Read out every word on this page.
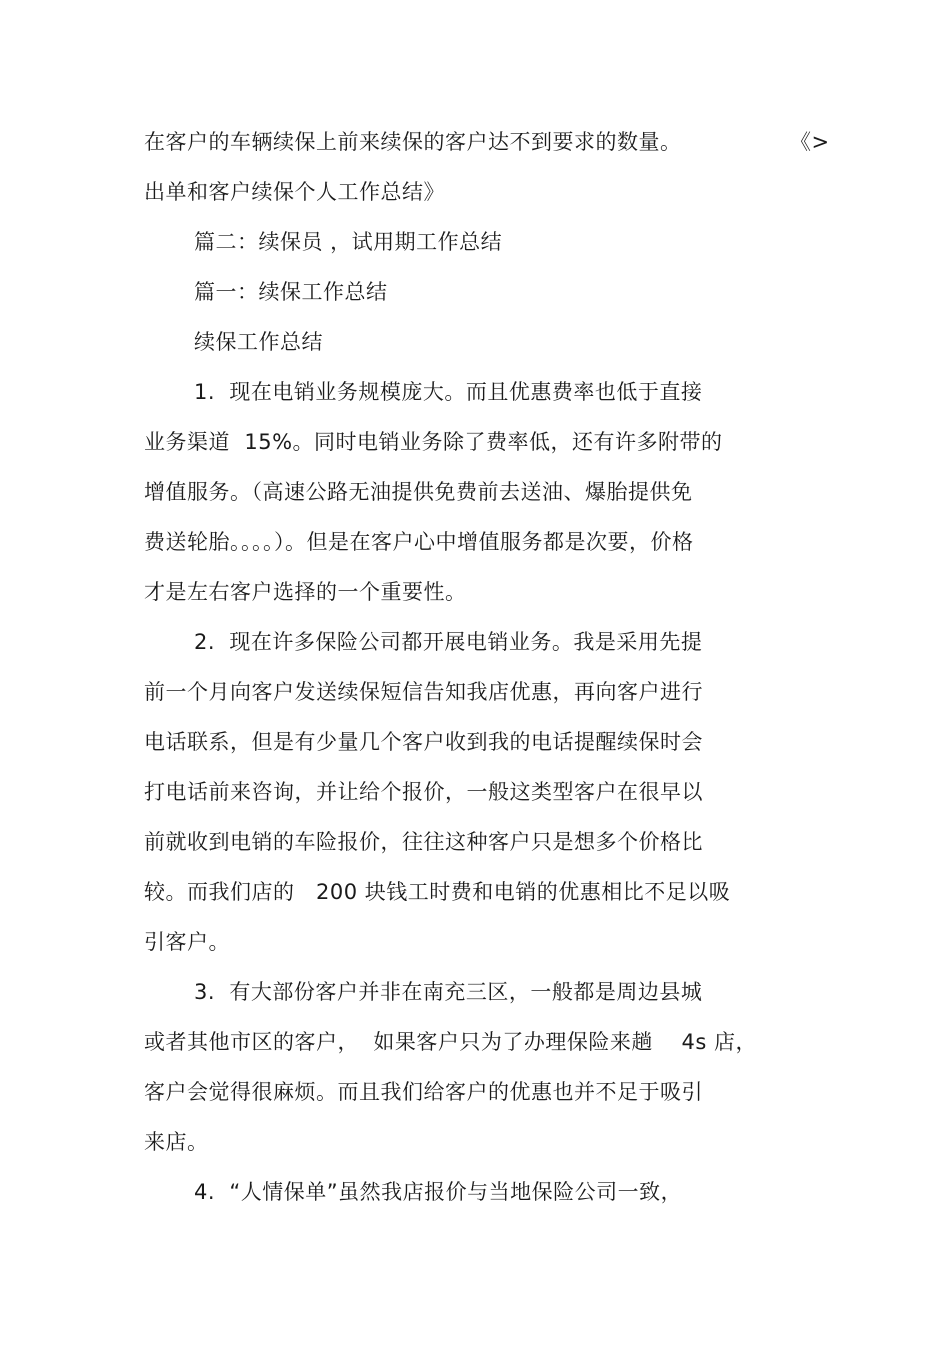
在客户的车辆续保上前来续保的客户达不到要求的数量。	《>
出单和客户续保个人工作总结》
篇二：续保员 ，试用期工作总结
篇一：续保工作总结
续保工作总结
1.  现在电销业务规模庞大。而且优惠费率也低于直接
业务渠道  15%。同时电销业务除了费率低，还有许多附带的
增值服务。（高速公路无油提供免费前去送油、爆胎提供免
费送轮胎。。。。）。但是在客户心中增值服务都是次要，价格
才是左右客户选择的一个重要性。
2.  现在许多保险公司都开展电销业务。我是采用先提
前一个月向客户发送续保短信告知我店优惠，再向客户进行
电话联系，但是有少量几个客户收到我的电话提醒续保时会
打电话前来咨询，并让给个报价，一般这类型客户在很早以
前就收到电销的车险报价，往往这种客户只是想多个价格比
较。而我们店的   200 块钱工时费和电销的优惠相比不足以吸
引客户。
3.  有大部份客户并非在南充三区，一般都是周边县城
或者其他市区的客户，  如果客户只为了办理保险来趟    4s 店，
客户会觉得很麻烦。而且我们给客户的优惠也并不足于吸引
来店。
4.  “人情保单”虽然我店报价与当地保险公司一致，
